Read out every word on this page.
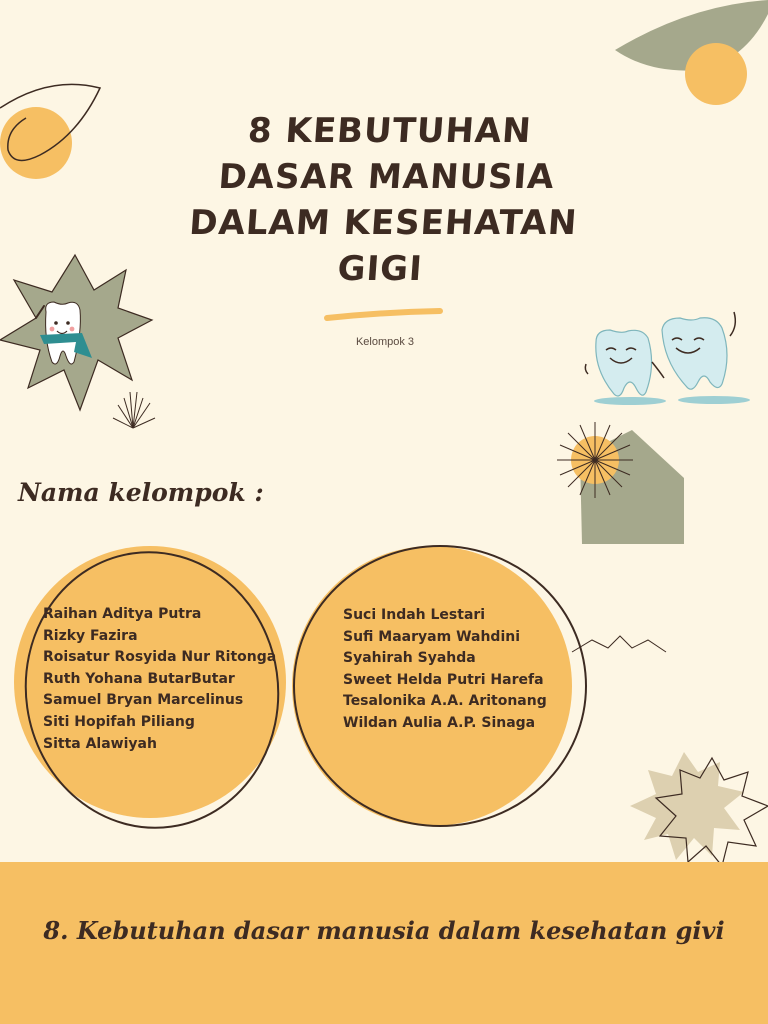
8 KEBUTUHAN
DASAR MANUSIA
DALAM KESEHATAN
GIGI
Kelompok 3
Nama kelompok :
Raihan Aditya Putra
Rizky Fazira
Roisatur Rosyida Nur Ritonga
Ruth Yohana ButarButar
Samuel Bryan Marcelinus
Siti Hopifah Piliang
Sitta Alawiyah
Suci Indah Lestari
Sufi Maaryam Wahdini
Syahirah Syahda
Sweet Helda Putri Harefa
Tesalonika A.A. Aritonang
Wildan Aulia A.P. Sinaga

8. Kebutuhan dasar manusia dalam kesehatan givi
